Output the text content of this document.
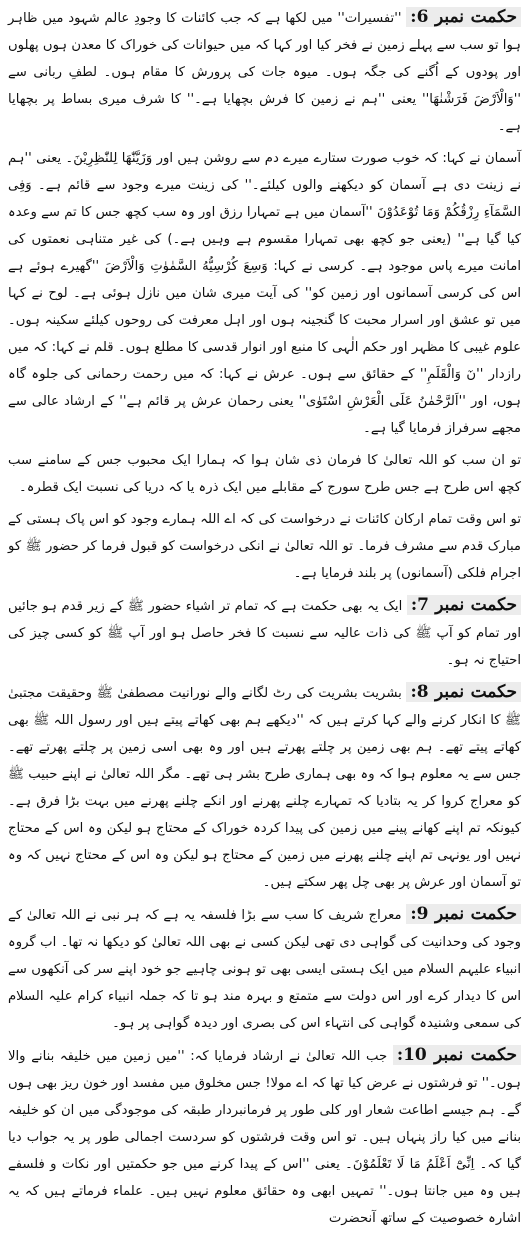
حکمت نمبر 6: ''تفسیرات'' میں لکھا ہے کہ جب کائنات کا وجودِ عالم شہود میں ظاہر ہوا تو سب سے پہلے زمین نے فخر کیا اور کہا کہ میں حیوانات کی خوراک کا معدن ہوں پھلوں اور پودوں کے اُگنے کی جگہ ہوں۔ میوہ جات کی پرورش کا مقام ہوں۔ لطفِ ربانی سے ''وَالْاَرْضَ فَرَشْنٰهَا'' یعنی ''ہم نے زمین کا فرش بچھایا ہے۔'' کا شرف میری بساط پر بچھایا ہے۔

آسمان نے کہا: کہ خوب صورت ستارے میرے دم سے روشن ہیں اور وَزَيَّنّٰهَا لِلنّٰظِرِيْنَ۔ یعنی ''ہم نے زینت دی ہے آسمان کو دیکھنے والوں کیلئے۔'' کی زینت میرے وجود سے قائم ہے۔ وَفِى السَّمَآءِ رِزْقُكُمْ وَمَا تُوْعَدُوْنَ ''آسمان میں ہے تمہارا رزق اور وہ سب کچھ جس کا تم سے وعدہ کیا گیا ہے'' (یعنی جو کچھ بھی تمہارا مقسوم ہے وہیں ہے۔) کی غیر متناہی نعمتوں کی امانت میرے پاس موجود ہے۔ کرسی نے کہا: وَسِعَ كُرْسِيُّهُ السَّمٰوٰتِ وَالْاَرْضَ ''گھیرے ہوئے ہے اس کی کرسی آسمانوں اور زمین کو'' کی آیت میری شان میں نازل ہوئی ہے۔ لوح نے کہا میں تو عشق اور اسرار محبت کا گنجینہ ہوں اور اہل معرفت کی روحوں کیلئے سکینہ ہوں۔ علوم غیبی کا مظہر اور حکم الٰہی کا منبع اور انوار قدسی کا مطلع ہوں۔ قلم نے کہا: کہ میں رازدار ''نٓ وَالْقَلَمِ'' کے حقائق سے ہوں۔ عرش نے کہا: کہ میں رحمت رحمانی کی جلوہ گاہ ہوں، اور ''اَلرَّحْمٰنُ عَلَى الْعَرْشِ اسْتَوٰى'' یعنی رحمان عرش پر قائم ہے'' کے ارشاد عالی سے مجھے سرفراز فرمایا گیا ہے۔

تو ان سب کو اللہ تعالیٰ کا فرمان ذی شان ہوا کہ ہمارا ایک محبوب جس کے سامنے سب کچھ اس طرح ہے جس طرح سورج کے مقابلے میں ایک ذرہ یا کہ دریا کی نسبت ایک قطرہ۔

تو اس وقت تمام ارکان کائنات نے درخواست کی کہ اے اللہ ہمارے وجود کو اس پاک ہستی کے مبارک قدم سے مشرف فرما۔ تو اللہ تعالیٰ نے انکی درخواست کو قبول فرما کر حضور ﷺ کو اجرام فلکی (آسمانوں) پر بلند فرمایا ہے۔

حکمت نمبر 7: ایک یہ بھی حکمت ہے کہ تمام تر اشیاء حضور ﷺ کے زیر قدم ہو جائیں اور تمام کو آپ ﷺ کی ذات عالیہ سے نسبت کا فخر حاصل ہو اور آپ ﷺ کو کسی چیز کی احتیاج نہ ہو۔

حکمت نمبر 8: بشریت بشریت کی رٹ لگانے والے نورانیت مصطفیٰ ﷺ وحقیقت مجتبیٰ ﷺ کا انکار کرنے والے کہا کرتے ہیں کہ ''دیکھے ہم بھی کھاتے پیتے ہیں اور رسول اللہ ﷺ بھی کھاتے پیتے تھے۔ ہم بھی زمین پر چلتے پھرتے ہیں اور وہ بھی اسی زمین پر چلتے پھرتے تھے۔ جس سے یہ معلوم ہوا کہ وہ بھی ہماری طرح بشر ہی تھے۔ مگر اللہ تعالیٰ نے اپنے حبیب ﷺ کو معراج کروا کر یہ بتادیا کہ تمہارے چلنے پھرنے اور انکے چلنے پھرنے میں بہت بڑا فرق ہے۔ کیونکہ تم اپنے کھانے پینے میں زمین کی پیدا کردہ خوراک کے محتاج ہو لیکن وہ اس کے محتاج نہیں اور یونہی تم اپنے چلنے پھرنے میں زمین کے محتاج ہو لیکن وہ اس کے محتاج نہیں کہ وہ تو آسمان اور عرش پر بھی چل پھر سکتے ہیں۔

حکمت نمبر 9: معراج شریف کا سب سے بڑا فلسفہ یہ ہے کہ ہر نبی نے اللہ تعالیٰ کے وجود کی وحدانیت کی گواہی دی تھی لیکن کسی نے بھی اللہ تعالیٰ کو دیکھا نہ تھا۔ اب گروہ انبیاء علیہم السلام میں ایک ہستی ایسی بھی تو ہونی چاہیے جو خود اپنے سر کی آنکھوں سے اس کا دیدار کرے اور اس دولت سے متمتع و بہرہ مند ہو تا کہ جملہ انبیاء کرام علیہ السلام کی سمعی وشنیدہ گواہی کی انتہاء اس کی بصری اور دیدہ گواہی پر ہو۔

حکمت نمبر 10: جب اللہ تعالیٰ نے ارشاد فرمایا کہ: ''میں زمین میں خلیفہ بنانے والا ہوں۔'' تو فرشتوں نے عرض کیا تھا کہ اے مولا! جس مخلوق میں مفسد اور خون ریز بھی ہوں گے۔ ہم جیسے اطاعت شعار اور کلی طور پر فرمانبردار طبقہ کی موجودگی میں ان کو خلیفہ بنانے میں کیا راز پنہاں ہیں۔ تو اس وقت فرشتوں کو سردست اجمالی طور پر یہ جواب دیا گیا کہ۔ اِنِّىْٓ اَعْلَمُ مَا لَا تَعْلَمُوْنَ۔ یعنی ''اس کے پیدا کرنے میں جو حکمتیں اور نکات و فلسفے ہیں وہ میں جانتا ہوں۔'' تمہیں ابھی وہ حقائق معلوم نہیں ہیں۔ علماء فرماتے ہیں کہ یہ اشارہ خصوصیت کے ساتھ آنحضرت
